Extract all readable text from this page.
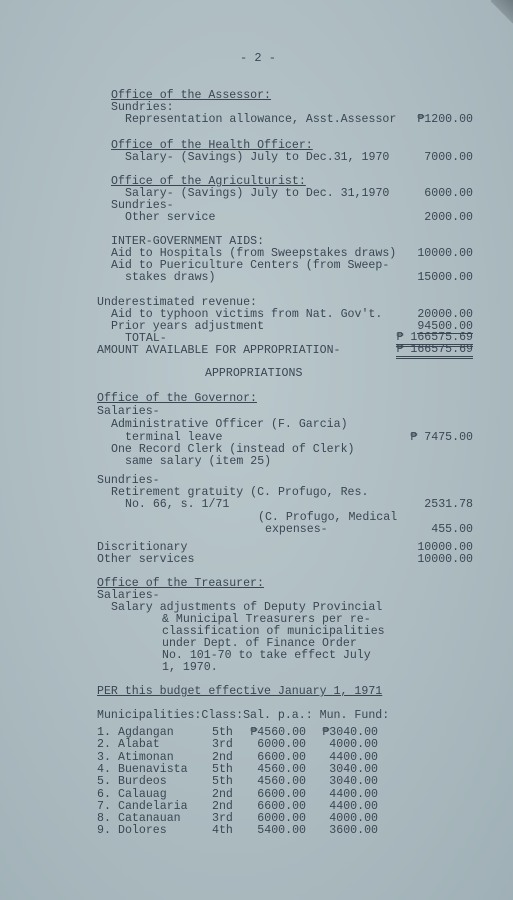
- 2 -
Office of the Assessor:
Sundries:
Representation allowance, Asst.Assessor ₱1200.00
Office of the Health Officer:
Salary- (Savings) July to Dec.31, 1970	7000.00
Office of the Agriculturist:
Salary- (Savings) July to Dec. 31,1970	6000.00
Sundries-
Other service	2000.00
INTER-GOVERNMENT AIDS:
Aid to Hospitals (from Sweepstakes draws) 10000.00
Aid to Puericulture Centers (from Sweep-
stakes draws)	15000.00
Underestimated revenue:
Aid to typhoon victims from Nat. Gov't.	20000.00
Prior years adjustment	94500.00
TOTAL-	₱ 166575.69
AMOUNT AVAILABLE FOR APPROPRIATION-	₱ 166575.69
APPROPRIATIONS
Office of the Governor:
Salaries-
Administrative Officer (F. Garcia)
terminal leave	₱ 7475.00
One Record Clerk (instead of Clerk)
same salary (item 25)
Sundries-
Retirement gratuity (C. Profugo, Res.
No. 66, s. 1/71	2531.78
(C. Profugo, Medical
expenses-	455.00
Discritionary	10000.00
Other services	10000.00
Office of the Treasurer:
Salaries-
Salary adjustments of Deputy Provincial
& Municipal Treasurers per re-
classification of municipalities
under Dept. of Finance Order
No. 101-70 to take effect July
1, 1970.
PER this budget effective January 1, 1971
Municipalities:Class:Sal. p.a.: Mun. Fund:
1. Agdangan	5th ₱4560.00 ₱3040.00
2. Alabat	3rd 6000.00 4000.00
3. Atimonan	2nd 6600.00 4400.00
4. Buenavista 5th 4560.00 3040.00
5. Burdeos	5th 4560.00 3040.00
6. Calauag	2nd 6600.00 4400.00
7. Candelaria 2nd 6600.00 4400.00
8. Catanauan	3rd 6000.00 4000.00
9. Dolores	4th 5400.00 3600.00
